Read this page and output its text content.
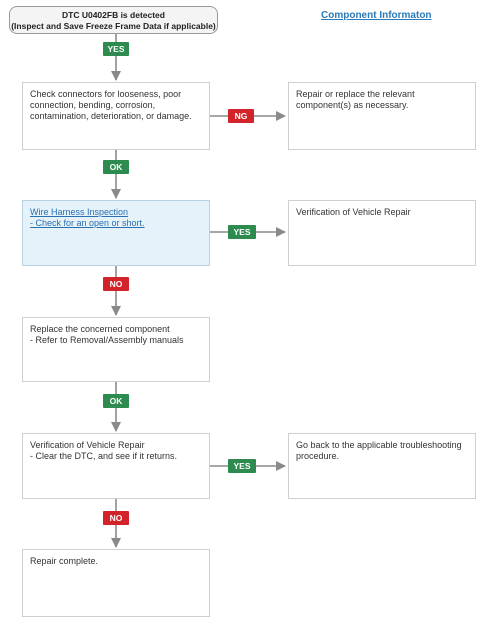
DTC U0402FB is detected
(Inspect and Save Freeze Frame Data if applicable)
Component Informaton
YES
NG
OK
YES
NO
OK
YES
NO
Check connectors for looseness, poor
connection, bending, corrosion,
contamination, deterioration, or damage.
Repair or replace the relevant
component(s) as necessary.
Wire Harness Inspection
- Check for an open or short.
Verification of Vehicle Repair
Replace the concerned component
- Refer to Removal/Assembly manuals
Verification of Vehicle Repair
- Clear the DTC, and see if it returns.
Go back to the applicable troubleshooting
procedure.
Repair complete.
